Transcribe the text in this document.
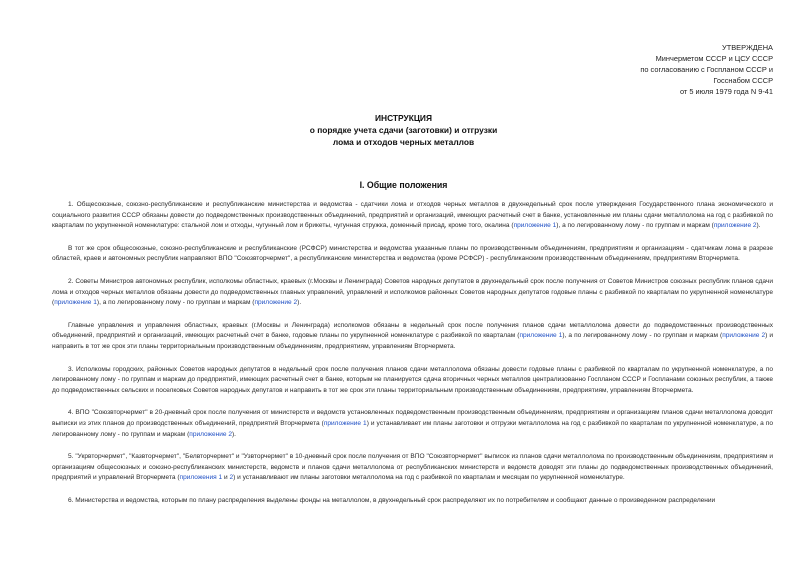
УТВЕРЖДЕНА
Минчерметом СССР и ЦСУ СССР
по согласованию с Госпланом СССР и
Госснабом СССР
от 5 июля 1979 года N 9-41
ИНСТРУКЦИЯ
о порядке учета сдачи (заготовки) и отгрузки
лома и отходов черных металлов
I. Общие положения

1. Общесоюзные, союзно-республиканские и республиканские министерства и ведомства - сдатчики лома и отходов черных металлов в двухнедельный срок после утверждения Государственного плана экономического и социального развития СССР обязаны довести до подведомственных производственных объединений, предприятий и организаций, имеющих расчетный счет в банке, установленные им планы сдачи металлолома на год с разбивкой по кварталам по укрупненной номенклатуре: стальной лом и отходы, чугунный лом и брикеты, чугунная стружка, доменный присад, кроме того, окалина (приложение 1), а по легированному лому - по группам и маркам (приложение 2).

В тот же срок общесоюзные, союзно-республиканские и республиканские (РСФСР) министерства и ведомства указанные планы по производственным объединениям, предприятиям и организациям - сдатчикам лома в разрезе областей, краев и автономных республик направляют ВПО "Союзвторчермет", а республиканские министерства и ведомства (кроме РСФСР) - республиканским производственным объединениям, предприятиям Вторчермета.

2. Советы Министров автономных республик, исполкомы областных, краевых (г.Москвы и Ленинграда) Советов народных депутатов в двухнедельный срок после получения от Советов Министров союзных республик планов сдачи лома и отходов черных металлов обязаны довести до подведомственных главных управлений, управлений и исполкомов районных Советов народных депутатов годовые планы с разбивкой по кварталам по укрупненной номенклатуре (приложение 1), а по легированному лому - по группам и маркам (приложение 2).

Главные управления и управления областных, краевых (г.Москвы и Ленинграда) исполкомов обязаны в недельный срок после получения планов сдачи металлолома довести до подведомственных производственных объединений, предприятий и организаций, имеющих расчетный счет в банке, годовые планы по укрупненной номенклатуре с разбивкой по кварталам (приложение 1), а по легированному лому - по группам и маркам (приложение 2) и направить в тот же срок эти планы территориальным производственным объединениям, предприятиям, управлениям Вторчермета.

3. Исполкомы городских, районных Советов народных депутатов в недельный срок после получения планов сдачи металлолома обязаны довести годовые планы с разбивкой по кварталам по укрупненной номенклатуре, а по легированному лому - по группам и маркам до предприятий, имеющих расчетный счет в банке, которым не планируется сдача вторичных черных металлов централизованно Госпланом СССР и Госпланами союзных республик, а также до подведомственных сельских и поселковых Советов народных депутатов и направить в тот же срок эти планы территориальным производственным объединениям, предприятиям, управлениям Вторчермета.

4. ВПО "Союзвторчермет" в 20-дневный срок после получения от министерств и ведомств установленных подведомственным производственным объединениям, предприятиям и организациям планов сдачи металлолома доводит выписки из этих планов до производственных объединений, предприятий Вторчермета (приложение 1) и устанавливает им планы заготовки и отгрузки металлолома на год с разбивкой по кварталам по укрупненной номенклатуре, а по легированному лому - по группам и маркам (приложение 2).

5. "Укрвторчермет", "Казвторчермет", "Белвторчермет" и "Узвторчермет" в 10-дневный срок после получения от ВПО "Союзвторчермет" выписок из планов сдачи металлолома по производственным объединениям, предприятиям и организациям общесоюзных и союзно-республиканских министерств, ведомств и планов сдачи металлолома от республиканских министерств и ведомств доводят эти планы до подведомственных производственных объединений, предприятий и управлений Вторчермета (приложения 1 и 2) и устанавливают им планы заготовки металлолома на год с разбивкой по кварталам и месяцам по укрупненной номенклатуре.

6. Министерства и ведомства, которым по плану распределения выделены фонды на металлолом, в двухнедельный срок распределяют их по потребителям и сообщают данные о произведенном распределении
